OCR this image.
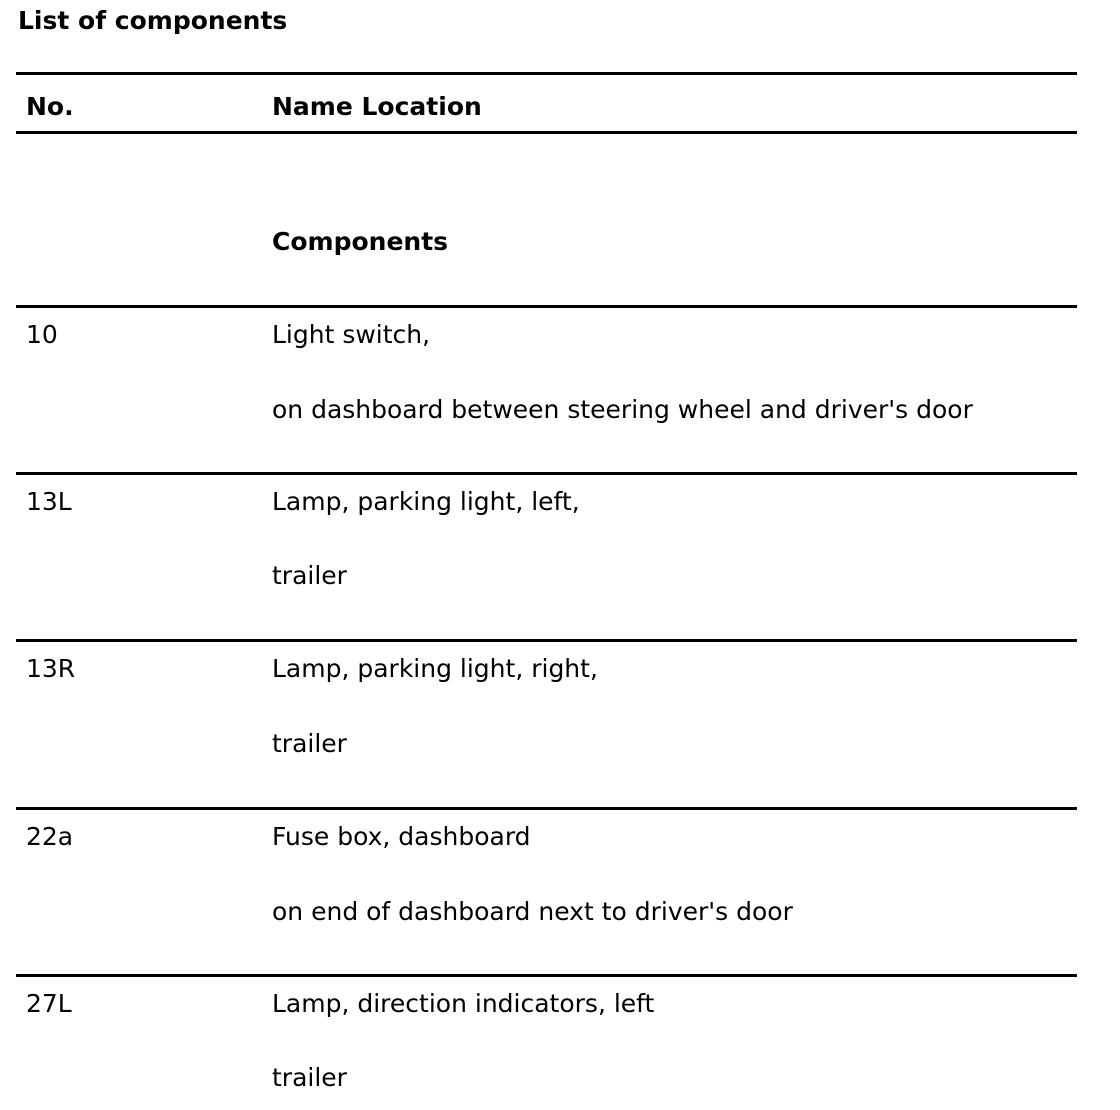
List of components
No.	Name Location
Components
10	Light switch,
on dashboard between steering wheel and driver's door
13L	Lamp, parking light, left,
trailer
13R	Lamp, parking light, right,
trailer
22a	Fuse box, dashboard
on end of dashboard next to driver's door
27L	Lamp, direction indicators, left
trailer
